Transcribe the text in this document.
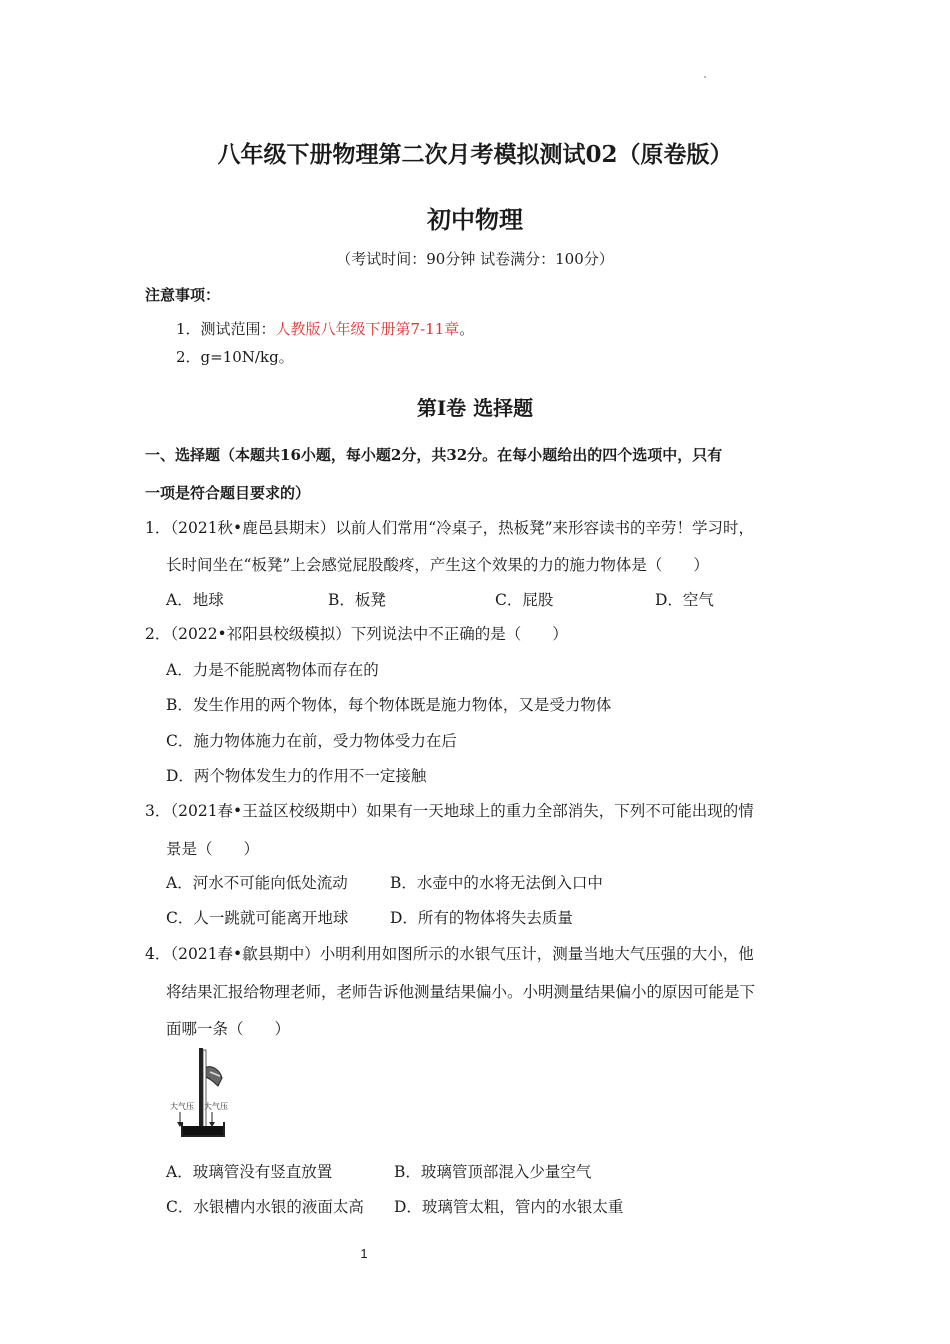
八年级下册物理第二次月考模拟测试02（原卷版）
初中物理
（考试时间：90分钟 试卷满分：100分）
注意事项：
1．测试范围：人教版八年级下册第7-11章。
2．g=10N/kg。
第Ⅰ卷 选择题
一、选择题（本题共16小题，每小题2分，共32分。在每小题给出的四个选项中，只有
一项是符合题目要求的）
1．（2021秋•鹿邑县期末）以前人们常用“冷桌子，热板凳”来形容读书的辛劳！学习时，
长时间坐在“板凳”上会感觉屁股酸疼，产生这个效果的力的施力物体是（　　）
A．地球	B．板凳	C．屁股	D．空气
2．（2022•祁阳县校级模拟）下列说法中不正确的是（　　）
A．力是不能脱离物体而存在的
B．发生作用的两个物体，每个物体既是施力物体，又是受力物体
C．施力物体施力在前，受力物体受力在后
D．两个物体发生力的作用不一定接触
3．（2021春•王益区校级期中）如果有一天地球上的重力全部消失，下列不可能出现的情
景是（　　）
A．河水不可能向低处流动	B．水壶中的水将无法倒入口中
C．人一跳就可能离开地球	D．所有的物体将失去质量
4．（2021春•歙县期中）小明利用如图所示的水银气压计，测量当地大气压强的大小，他
将结果汇报给物理老师，老师告诉他测量结果偏小。小明测量结果偏小的原因可能是下
面哪一条（　　）
大气压 大气压
A．玻璃管没有竖直放置	B．玻璃管顶部混入少量空气
C．水银槽内水银的液面太高 D．玻璃管太粗，管内的水银太重
1
